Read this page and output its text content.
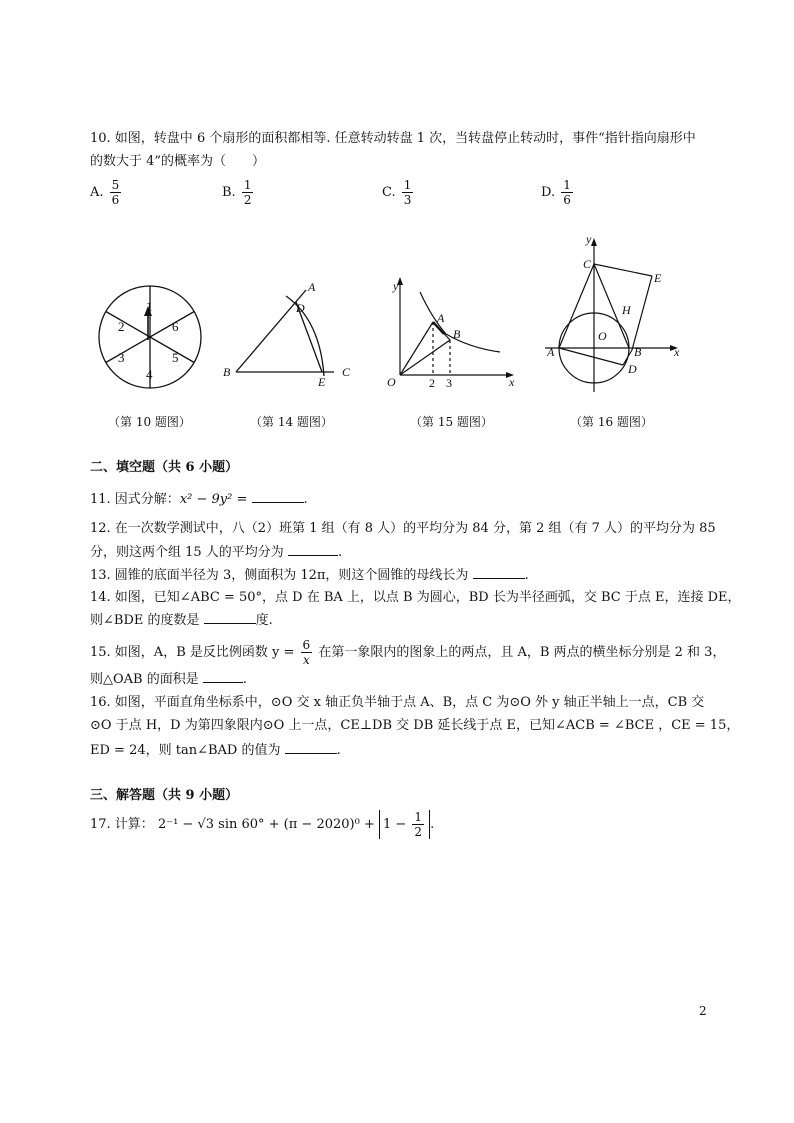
10. 如图，转盘中 6 个扇形的面积都相等. 任意转动转盘 1 次，当转盘停止转动时，事件“指针指向扇形中
的数大于 4”的概率为（　　）
A. $\frac{5}{6}$	B. $\frac{1}{2}$	C. $\frac{1}{3}$	D. $\frac{1}{6}$
1
6
5
4
3
2
A
D
B
E
C
y
x
O
A
B
2 3
y
x
C
E
H
O
A	B
D
（第 10 题图）	（第 14 题图）	（第 15 题图）	（第 16 题图）
二、填空题（共 6 小题）
11. 因式分解：x² − 9y² =	.
12. 在一次数学测试中，八（2）班第 1 组（有 8 人）的平均分为 84 分，第 2 组（有 7 人）的平均分为 85
分，则这两个组 15 人的平均分为	.
13. 圆锥的底面半径为 3，侧面积为 12π，则这个圆锥的母线长为	.
14. 如图，已知∠ABC = 50°，点 D 在 BA 上，以点 B 为圆心，BD 长为半径画弧，交 BC 于点 E，连接 DE，
则∠BDE 的度数是	度.
15. 如图，A，B 是反比例函数 $y = \frac{6}{x}$ 在第一象限内的图象上的两点，且 A，B 两点的横坐标分别是 2 和 3，
则△OAB 的面积是	.
16. 如图，平面直角坐标系中，⊙O 交 x 轴正负半轴于点 A、B，点 C 为⊙O 外 y 轴正半轴上一点，CB 交
⊙O 于点 H，D 为第四象限内⊙O 上一点，CE⊥DB 交 DB 延长线于点 E，已知∠ACB = ∠BCE ，CE = 15，
ED = 24，则 tan∠BAD 的值为	.
三、解答题（共 9 小题）
17. 计算： 2⁻¹ − √3 $\sin 60^\circ + (\pi - 2020)^0 + 1 - \frac{1}{2}$ .
2
